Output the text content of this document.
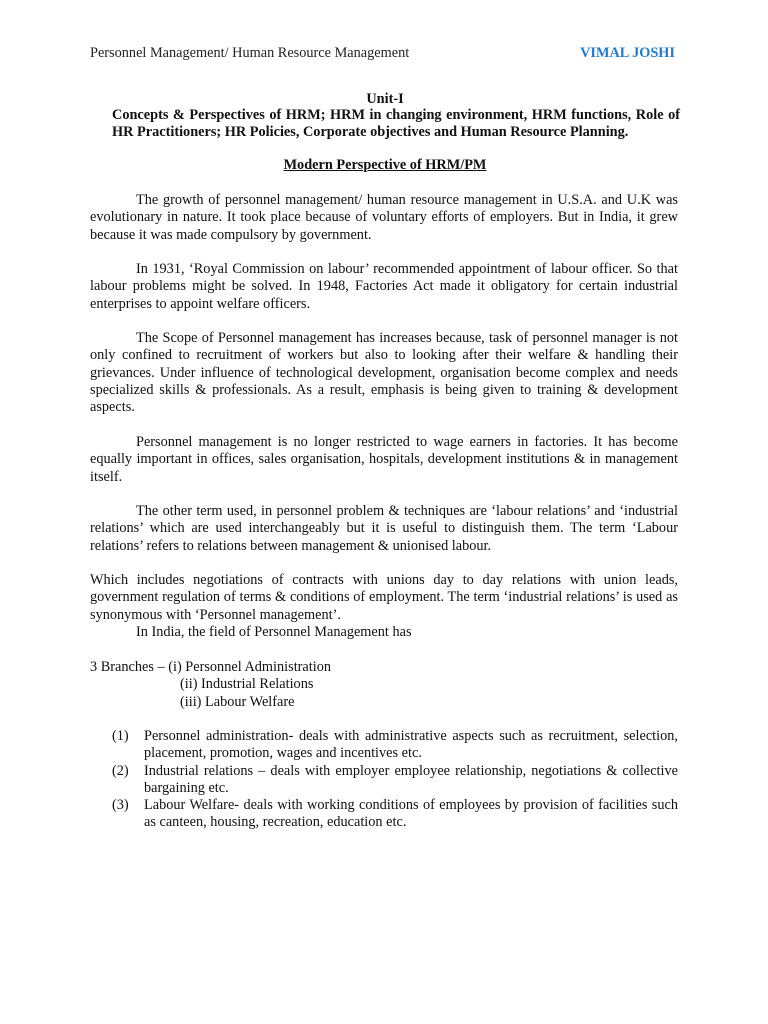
Personnel Management/ Human Resource Management	VIMAL JOSHI
Unit-I
Concepts & Perspectives of HRM; HRM in changing environment, HRM functions, Role of HR Practitioners; HR Policies, Corporate objectives and Human Resource Planning.
Modern Perspective of HRM/PM

The growth of personnel management/ human resource management in U.S.A. and U.K was evolutionary in nature. It took place because of voluntary efforts of employers. But in India, it grew because it was made compulsory by government.

In 1931, ‘Royal Commission on labour’ recommended appointment of labour officer. So that labour problems might be solved. In 1948, Factories Act made it obligatory for certain industrial enterprises to appoint welfare officers.

The Scope of Personnel management has increases because, task of personnel manager is not only confined to recruitment of workers but also to looking after their welfare & handling their grievances. Under influence of technological development, organisation become complex and needs specialized skills & professionals. As a result, emphasis is being given to training & development aspects.

Personnel management is no longer restricted to wage earners in factories. It has become equally important in offices, sales organisation, hospitals, development institutions & in management itself.

The other term used, in personnel problem & techniques are ‘labour relations’ and ‘industrial relations’ which are used interchangeably but it is useful to distinguish them. The term ‘Labour relations’ refers to relations between management & unionised labour.

Which includes negotiations of contracts with unions day to day relations with union leads, government regulation of terms & conditions of employment. The term ‘industrial relations’ is used as synonymous with ‘Personnel management’.

In India, the field of Personnel Management has

3 Branches – (i) Personnel Administration
(ii) Industrial Relations
(iii) Labour Welfare
(1) Personnel administration- deals with administrative aspects such as recruitment, selection, placement, promotion, wages and incentives etc.
(2) Industrial relations – deals with employer employee relationship, negotiations & collective bargaining etc.
(3) Labour Welfare- deals with working conditions of employees by provision of facilities such as canteen, housing, recreation, education etc.
